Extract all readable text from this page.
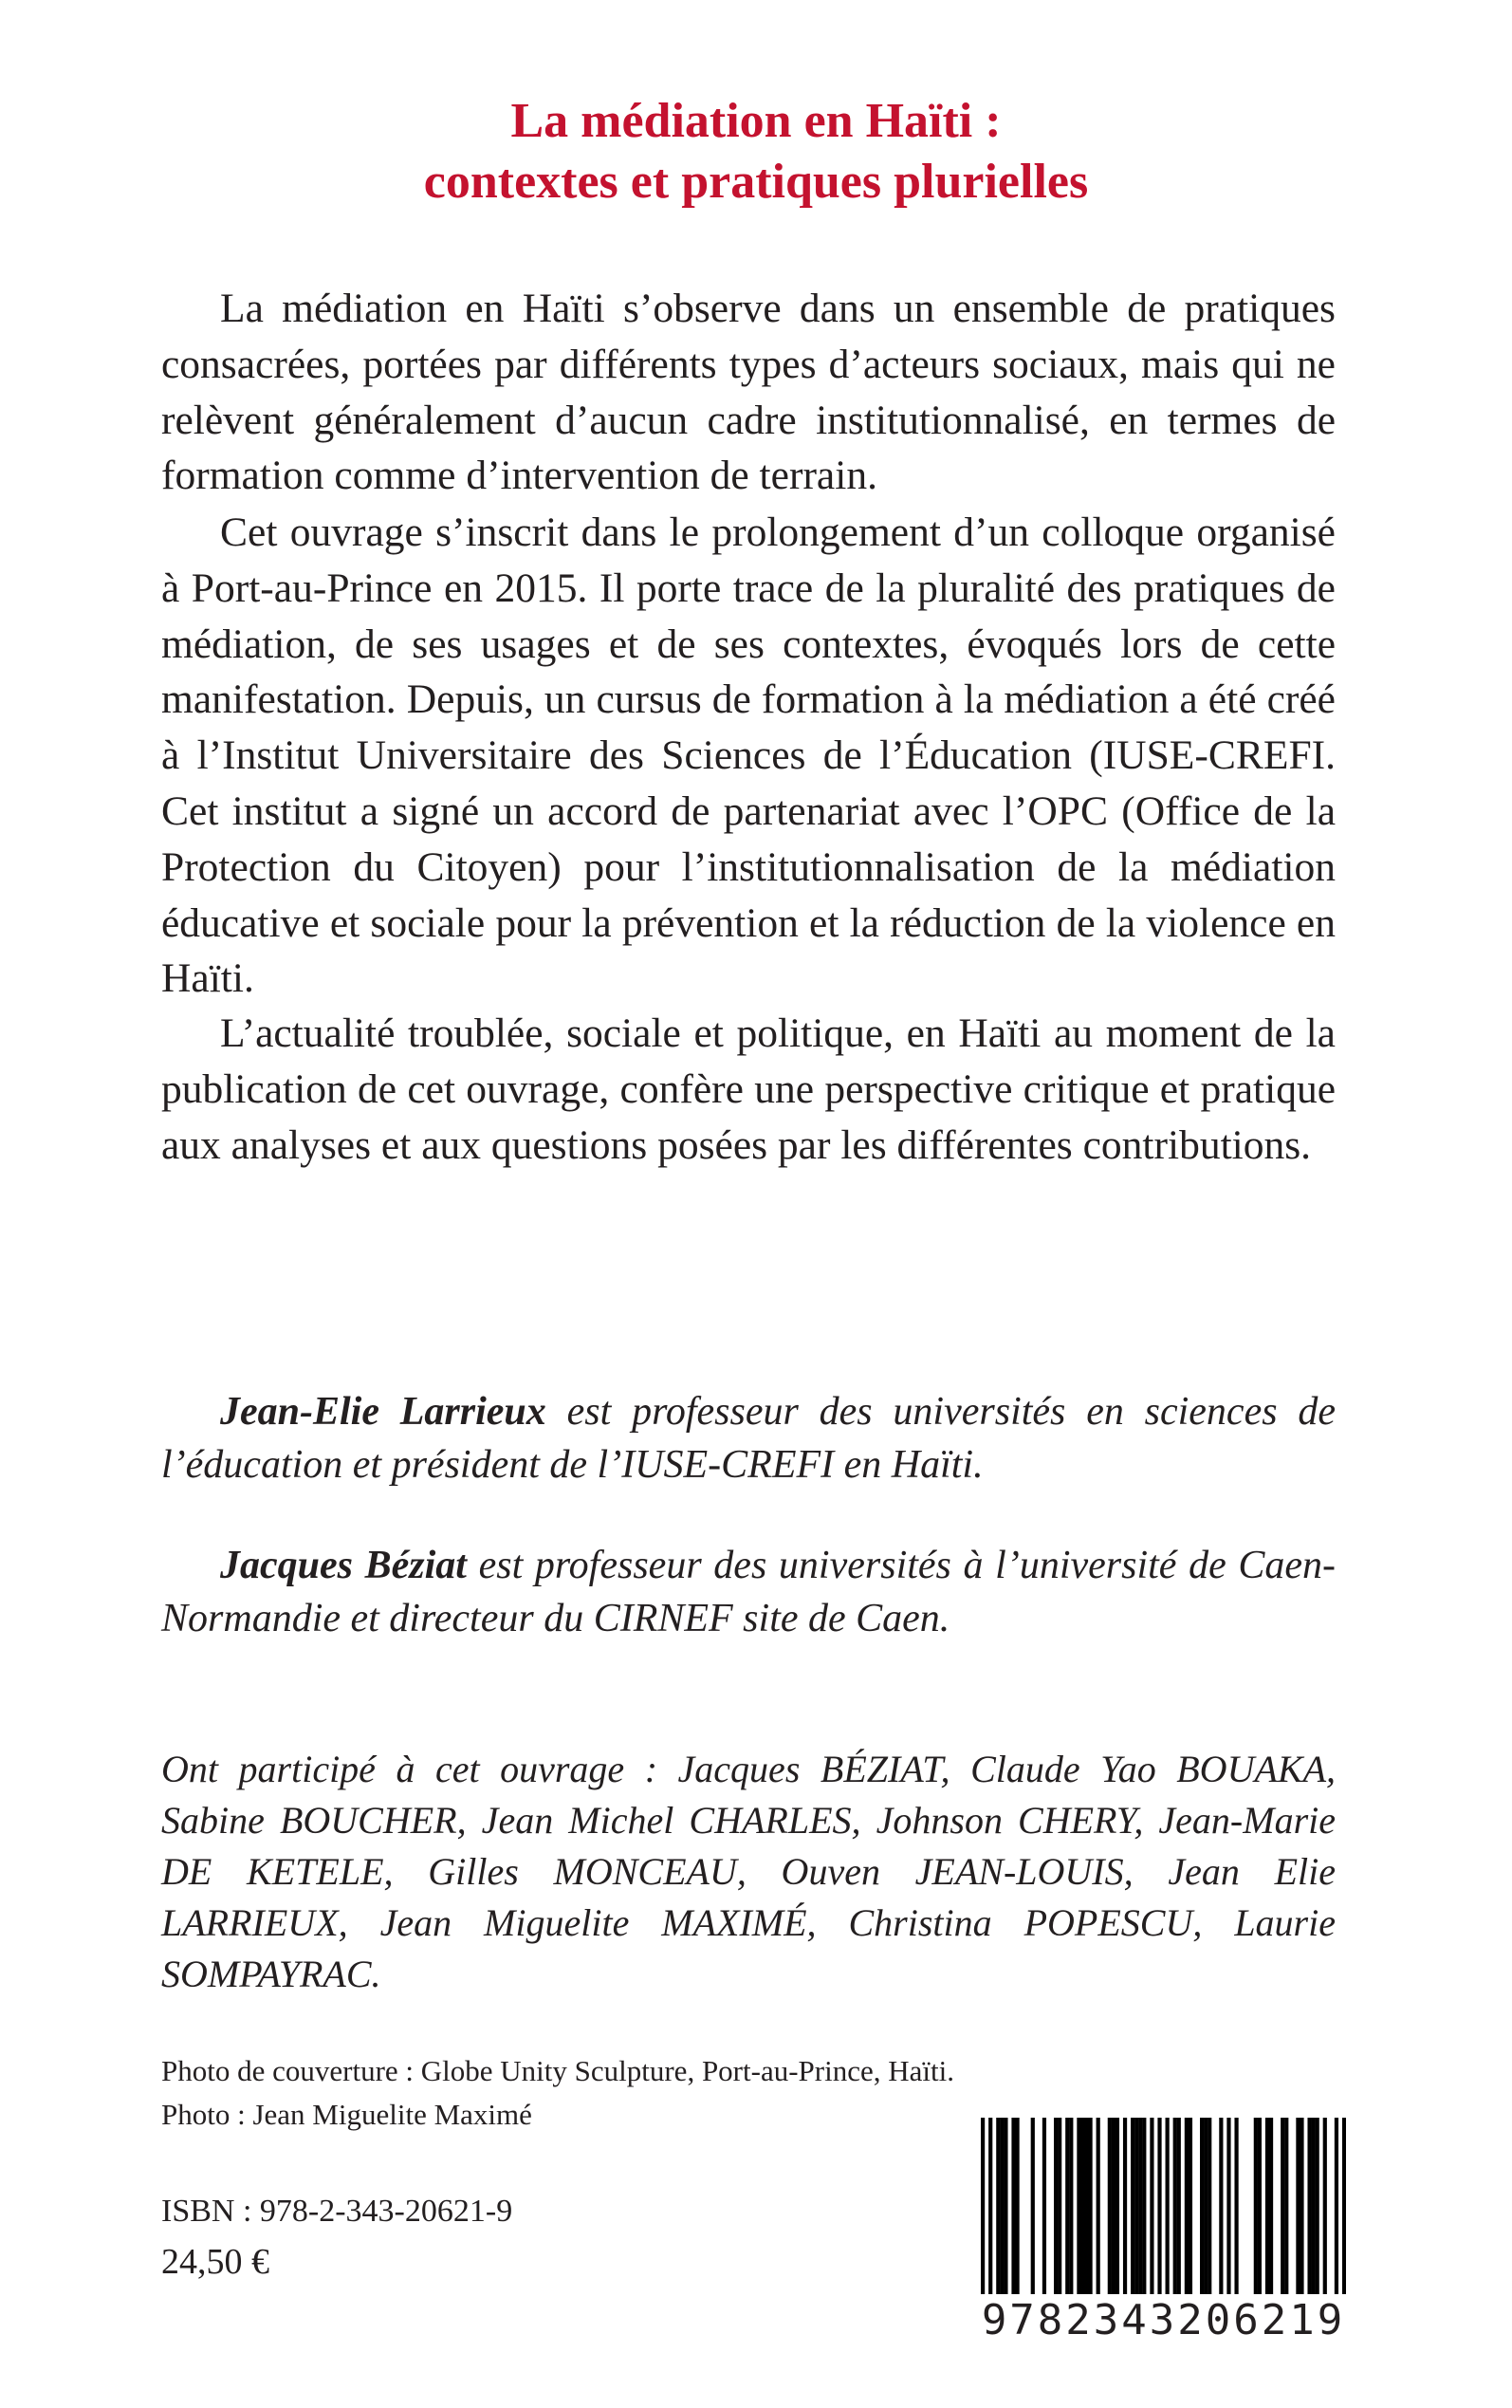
La médiation en Haïti :
contextes et pratiques plurielles

La médiation en Haïti s’observe dans un ensemble de pratiques consacrées, portées par différents types d’acteurs sociaux, mais qui ne relèvent généralement d’aucun cadre institutionnalisé, en termes de formation comme d’intervention de terrain.

Cet ouvrage s’inscrit dans le prolongement d’un colloque organisé à Port-au-Prince en 2015. Il porte trace de la pluralité des pratiques de médiation, de ses usages et de ses contextes, évoqués lors de cette manifestation. Depuis, un cursus de formation à la médiation a été créé à l’Institut Universitaire des Sciences de l’Éducation (IUSE-CREFI. Cet institut a signé un accord de partenariat avec l’OPC (Office de la Protection du Citoyen) pour l’institutionnalisation de la médiation éducative et sociale pour la prévention et la réduction de la violence en Haïti.

L’actualité troublée, sociale et politique, en Haïti au moment de la publication de cet ouvrage, confère une perspective critique et pratique aux analyses et aux questions posées par les différentes contributions.

Jean-Elie Larrieux est professeur des universités en sciences de l’éducation et président de l’IUSE-CREFI en Haïti.

Jacques Béziat est professeur des universités à l’université de Caen-Normandie et directeur du CIRNEF site de Caen.

Ont participé à cet ouvrage : Jacques BÉZIAT, Claude Yao BOUAKA, Sabine BOUCHER, Jean Michel CHARLES, Johnson CHERY, Jean-Marie DE KETELE, Gilles MONCEAU, Ouven JEAN-LOUIS, Jean Elie LARRIEUX, Jean Miguelite MAXIMÉ, Christina POPESCU, Laurie SOMPAYRAC.

Photo de couverture : Globe Unity Sculpture, Port-au-Prince, Haïti.
Photo : Jean Miguelite Maximé
ISBN : 978-2-343-20621-9
24,50 €
9782343206219
